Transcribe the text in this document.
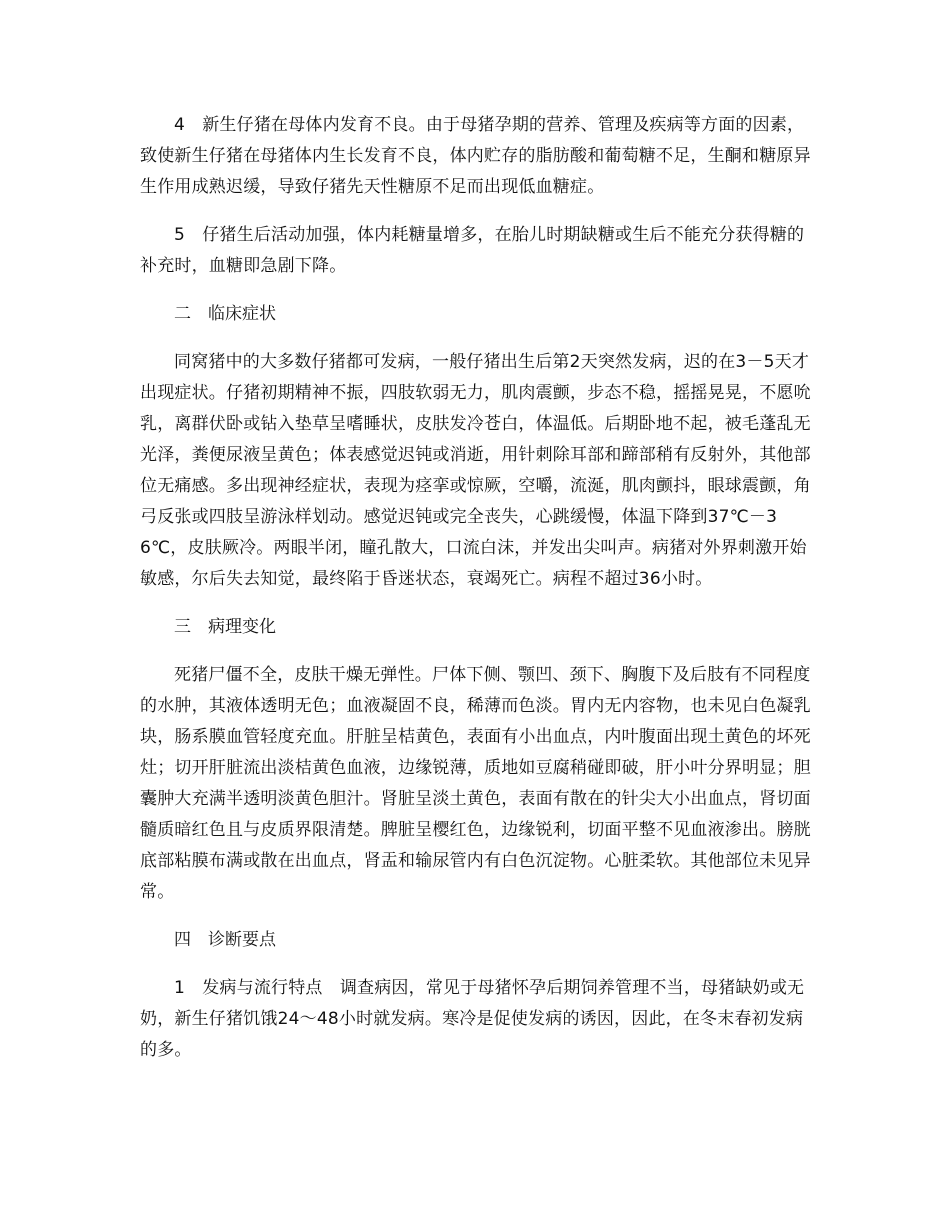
4　新生仔猪在母体内发育不良。由于母猪孕期的营养、管理及疾病等方面的因素，致使新生仔猪在母猪体内生长发育不良，体内贮存的脂肪酸和葡萄糖不足，生酮和糖原异生作用成熟迟缓，导致仔猪先天性糖原不足而出现低血糖症。

5　仔猪生后活动加强，体内耗糖量增多，在胎儿时期缺糖或生后不能充分获得糖的补充时，血糖即急剧下降。

二　临床症状

同窝猪中的大多数仔猪都可发病，一般仔猪出生后第2天突然发病，迟的在3－5天才出现症状。仔猪初期精神不振，四肢软弱无力，肌肉震颤，步态不稳，摇摇晃晃，不愿吮乳，离群伏卧或钻入垫草呈嗜睡状，皮肤发冷苍白，体温低。后期卧地不起，被毛蓬乱无光泽，粪便尿液呈黄色；体表感觉迟钝或消逝，用针刺除耳部和蹄部稍有反射外，其他部位无痛感。多出现神经症状，表现为痉挛或惊厥，空嚼，流涎，肌肉颤抖，眼球震颤，角弓反张或四肢呈游泳样划动。感觉迟钝或完全丧失，心跳缓慢，体温下降到37℃－36℃，皮肤厥冷。两眼半闭，瞳孔散大，口流白沫，并发出尖叫声。病猪对外界刺激开始敏感，尔后失去知觉，最终陷于昏迷状态，衰竭死亡。病程不超过36小时。

三　病理变化

死猪尸僵不全，皮肤干燥无弹性。尸体下侧、颚凹、颈下、胸腹下及后肢有不同程度的水肿，其液体透明无色；血液凝固不良，稀薄而色淡。胃内无内容物，也未见白色凝乳块，肠系膜血管轻度充血。肝脏呈桔黄色，表面有小出血点，内叶腹面出现土黄色的坏死灶；切开肝脏流出淡桔黄色血液，边缘锐薄，质地如豆腐稍碰即破，肝小叶分界明显；胆囊肿大充满半透明淡黄色胆汁。肾脏呈淡土黄色，表面有散在的针尖大小出血点，肾切面髓质暗红色且与皮质界限清楚。脾脏呈樱红色，边缘锐利，切面平整不见血液渗出。膀胱底部粘膜布满或散在出血点，肾盂和输尿管内有白色沉淀物。心脏柔软。其他部位未见异常。

四　诊断要点

1　发病与流行特点　调查病因，常见于母猪怀孕后期饲养管理不当，母猪缺奶或无奶，新生仔猪饥饿24～48小时就发病。寒冷是促使发病的诱因，因此，在冬末春初发病的多。
